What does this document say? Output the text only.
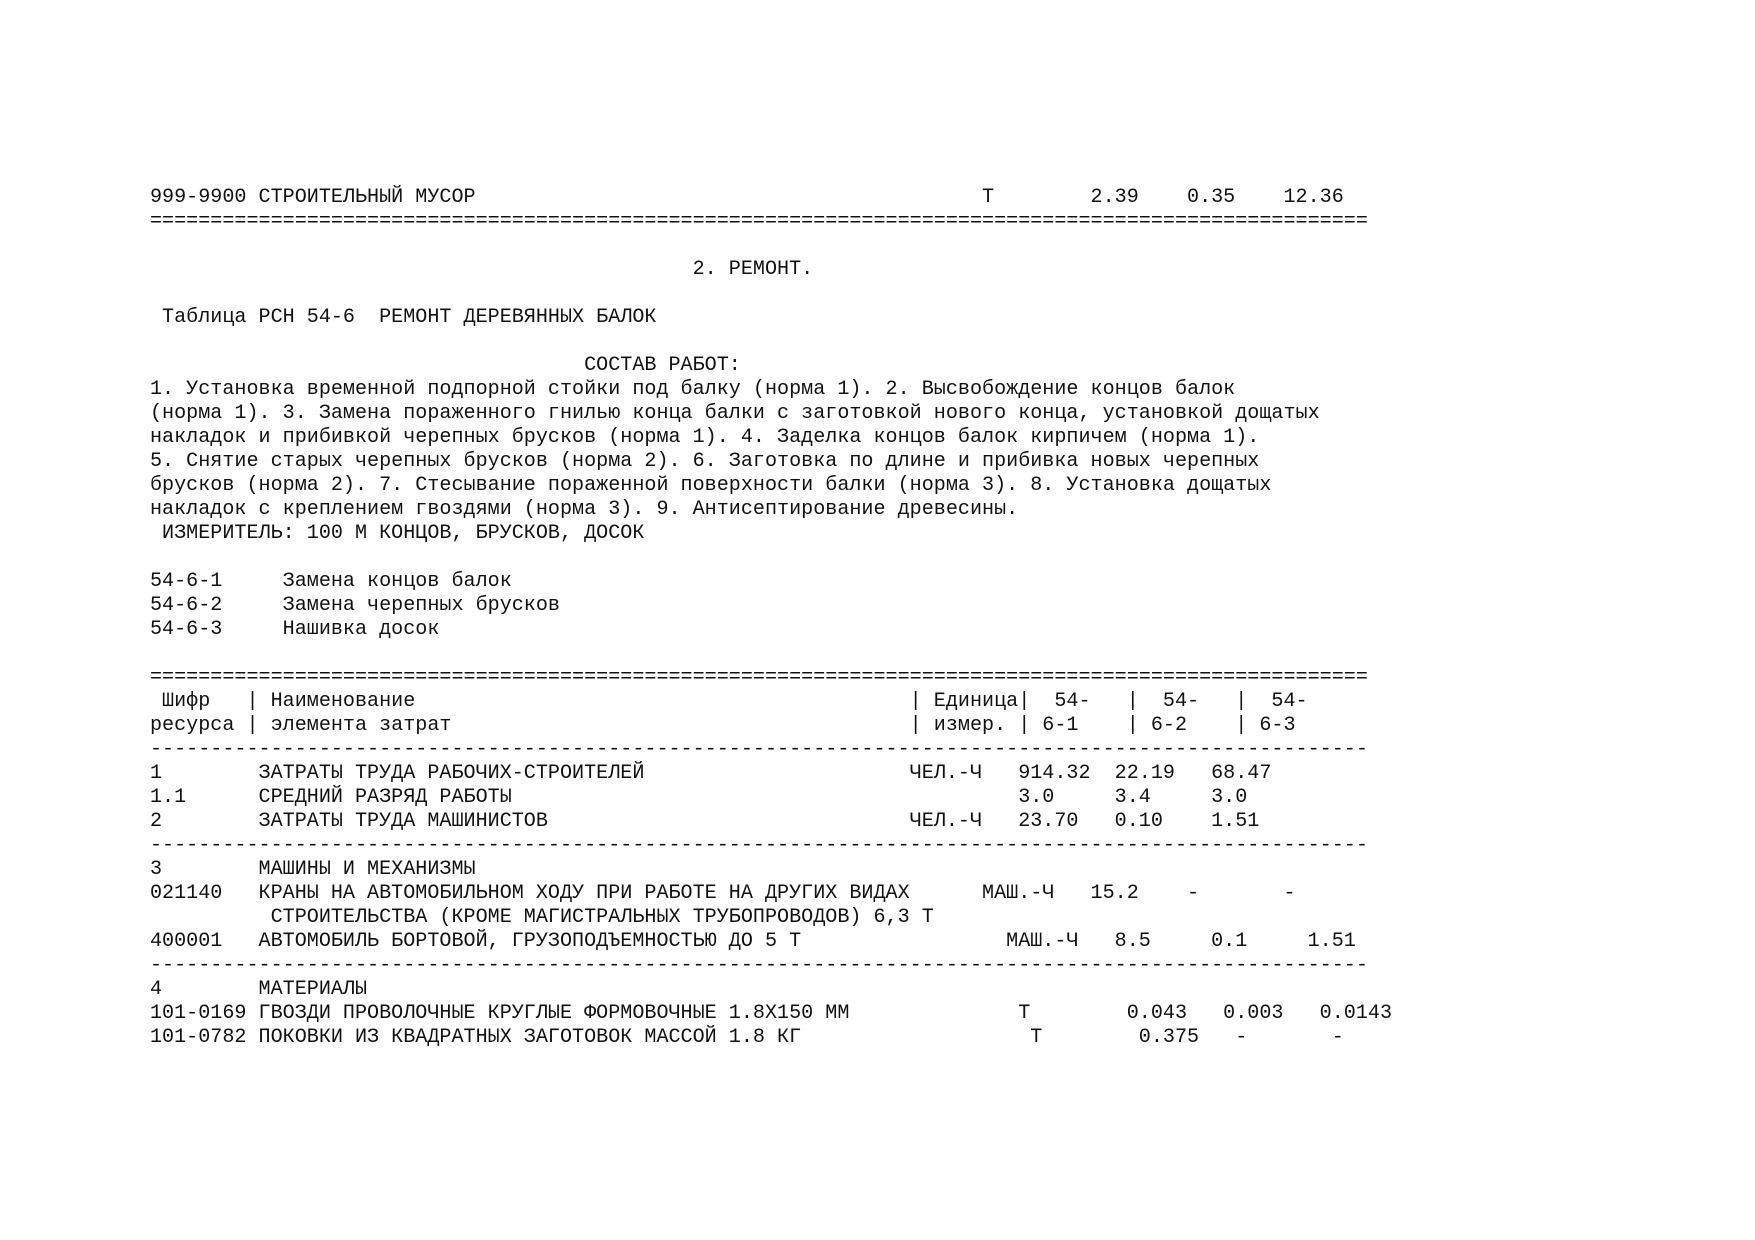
999-9900 СТРОИТЕЛЬНЫЙ МУСОР                                          Т        2.39    0.35    12.36
=====================================================================================================
2. РЕМОНТ.
Таблица РСН 54-6  РЕМОНТ ДЕРЕВЯННЫХ БАЛОК
СОСТАВ РАБОТ:
1. Установка временной подпорной стойки под балку (норма 1). 2. Высвобождение концов балок
(норма 1). 3. Замена пораженного гнилью конца балки с заготовкой нового конца, установкой дощатых
накладок и прибивкой черепных брусков (норма 1). 4. Заделка концов балок кирпичем (норма 1).
5. Снятие старых черепных брусков (норма 2). 6. Заготовка по длине и прибивка новых черепных
брусков (норма 2). 7. Стесывание пораженной поверхности балки (норма 3). 8. Установка дощатых
накладок с креплением гвоздями (норма 3). 9. Антисептирование древесины.
ИЗМЕРИТЕЛЬ: 100 М КОНЦОВ, БРУСКОВ, ДОСОК
54-6-1     Замена концов балок
54-6-2     Замена черепных брусков
54-6-3     Нашивка досок
=====================================================================================================
Шифр   | Наименование                                         | Единица|  54-   |  54-   |  54-
ресурса | элемента затрат                                      | измер. | 6-1    | 6-2    | 6-3
-----------------------------------------------------------------------------------------------------
1        ЗАТРАТЫ ТРУДА РАБОЧИХ-СТРОИТЕЛЕЙ                      ЧЕЛ.-Ч   914.32  22.19   68.47
1.1      СРЕДНИЙ РАЗРЯД РАБОТЫ                                          3.0     3.4     3.0
2        ЗАТРАТЫ ТРУДА МАШИНИСТОВ                              ЧЕЛ.-Ч   23.70   0.10    1.51
-----------------------------------------------------------------------------------------------------
3        МАШИНЫ И МЕХАНИЗМЫ
021140   КРАНЫ НА АВТОМОБИЛЬНОМ ХОДУ ПРИ РАБОТЕ НА ДРУГИХ ВИДАХ      МАШ.-Ч   15.2    -       -
СТРОИТЕЛЬСТВА (КРОМЕ МАГИСТРАЛЬНЫХ ТРУБОПРОВОДОВ) 6,3 Т
400001   АВТОМОБИЛЬ БОРТОВОЙ, ГРУЗОПОДЪЕМНОСТЬЮ ДО 5 Т                 МАШ.-Ч   8.5     0.1     1.51
-----------------------------------------------------------------------------------------------------
4        МАТЕРИАЛЫ
101-0169 ГВОЗДИ ПРОВОЛОЧНЫЕ КРУГЛЫЕ ФОРМОВОЧНЫЕ 1.8Х150 ММ              Т        0.043   0.003   0.0143
101-0782 ПОКОВКИ ИЗ КВАДРАТНЫХ ЗАГОТОВОК МАССОЙ 1.8 КГ                   Т        0.375   -       -
